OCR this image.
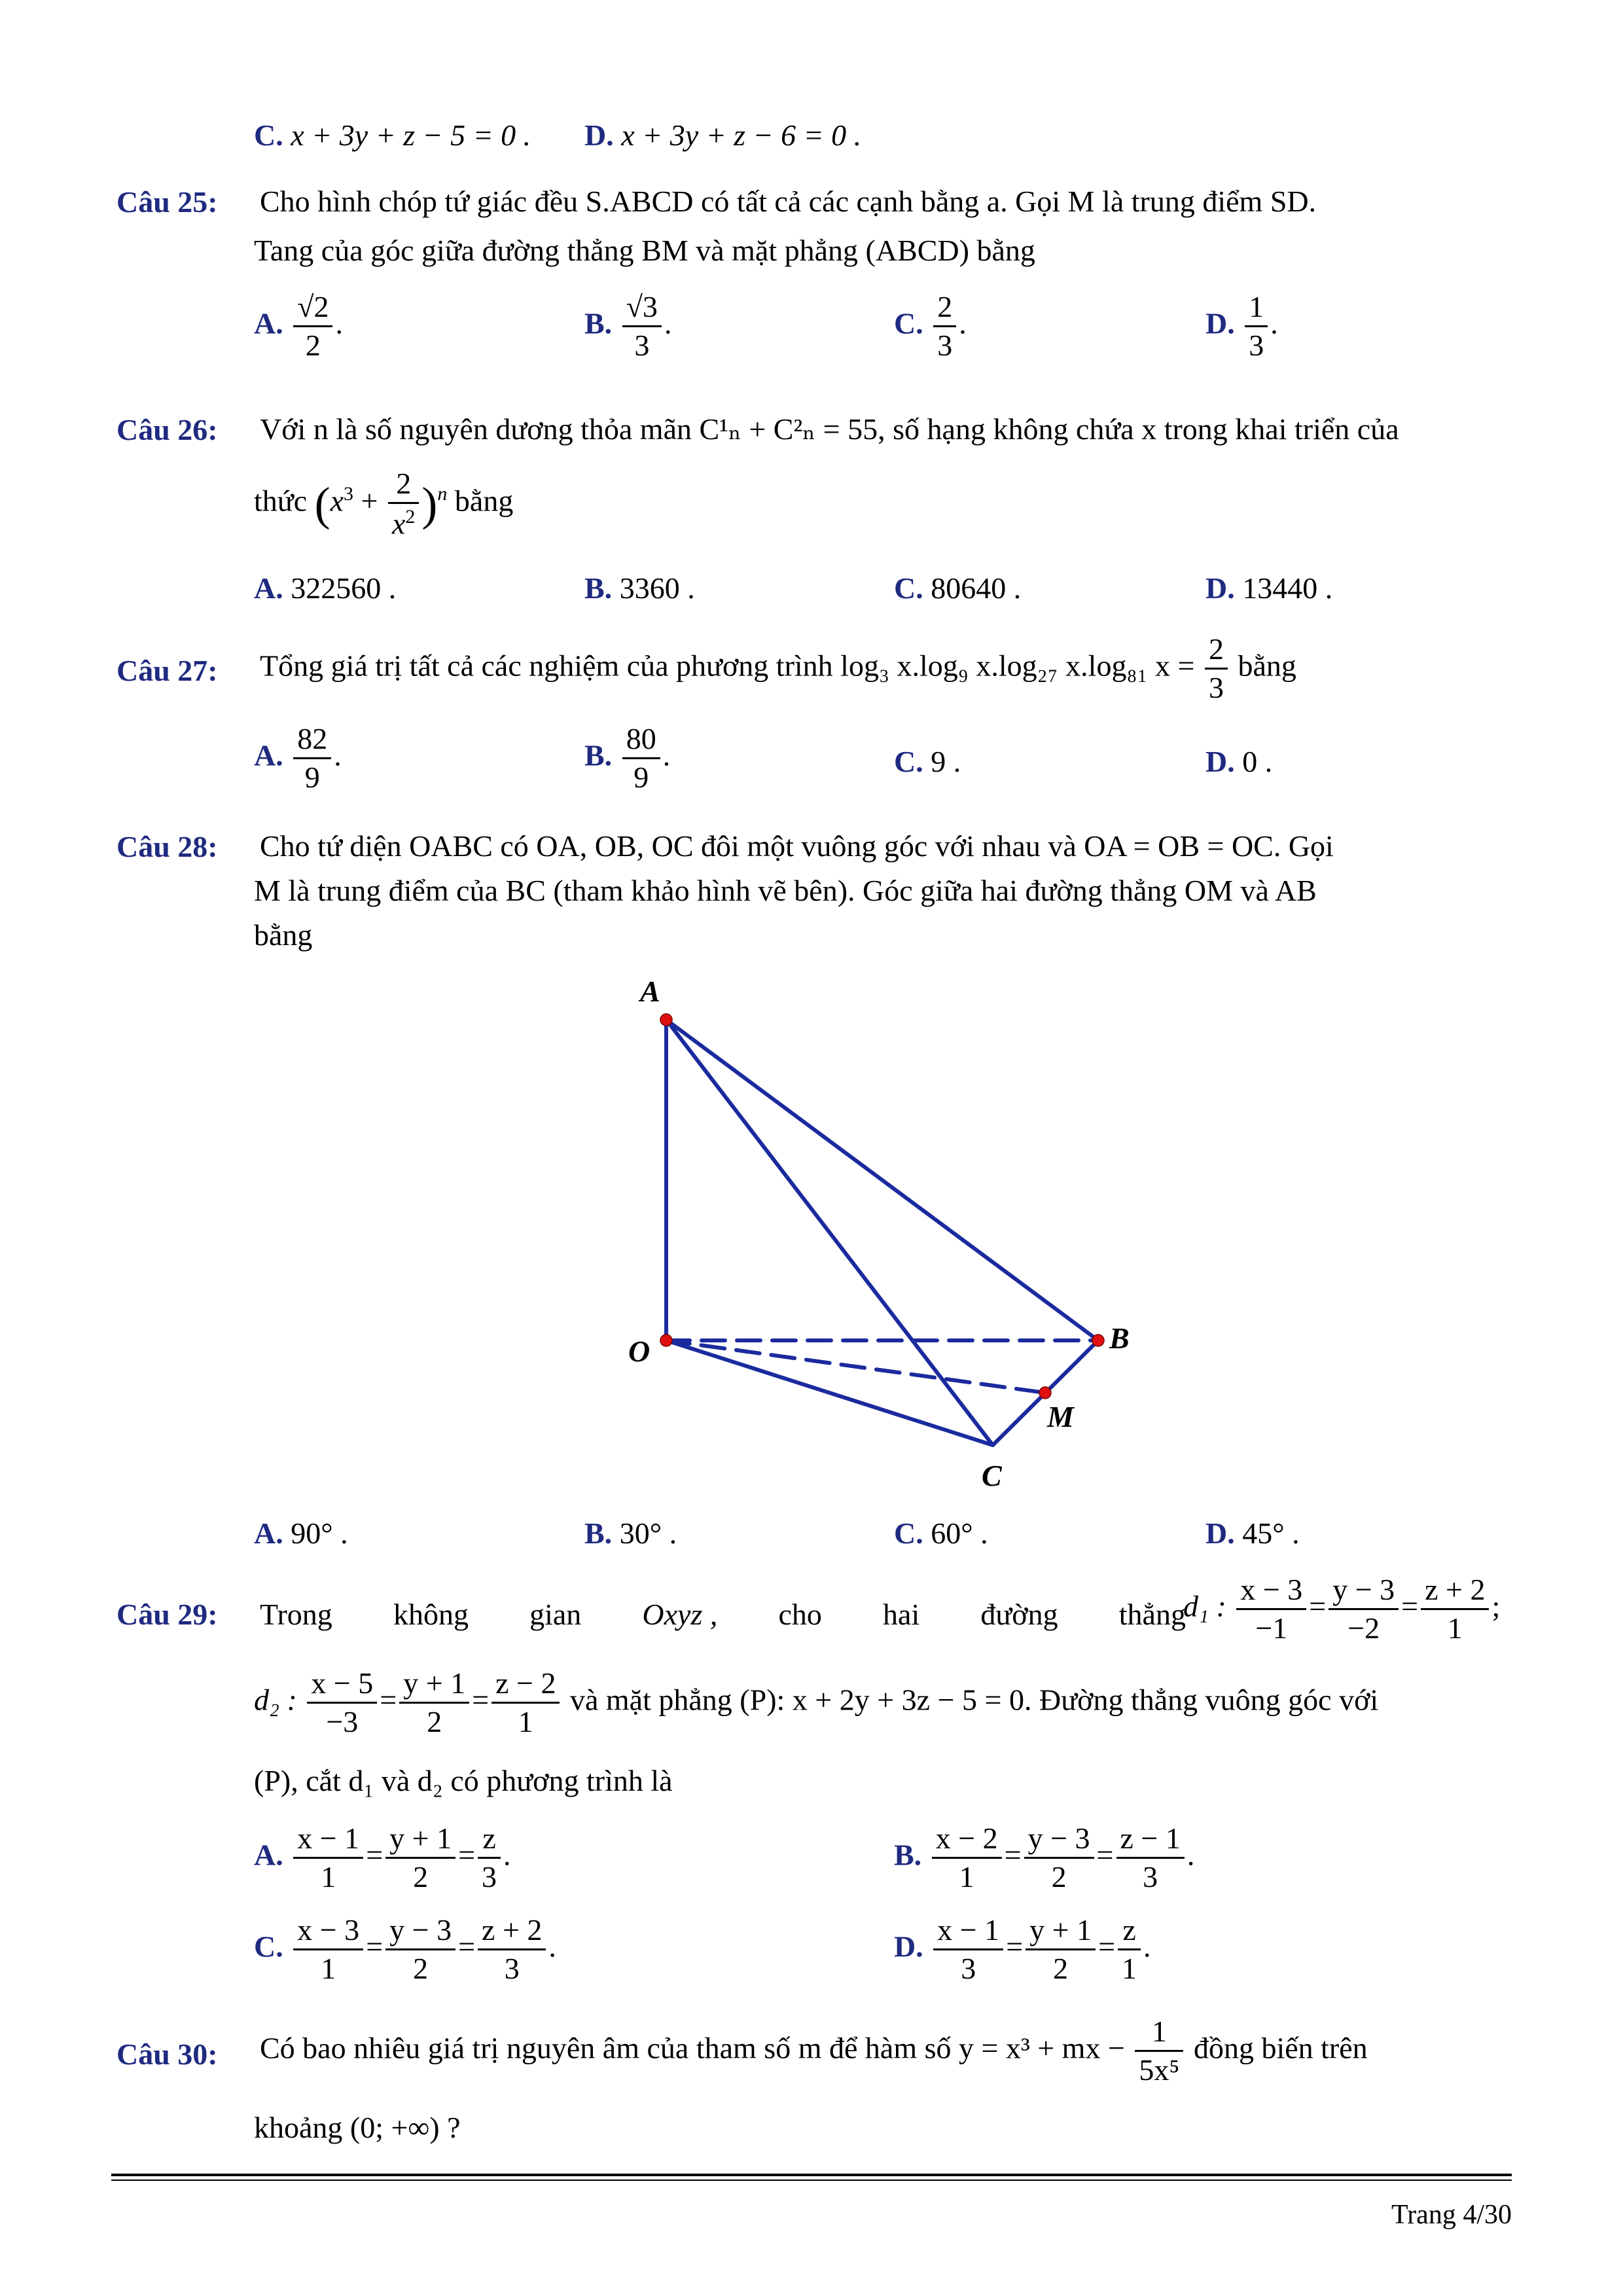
C. x + 3y + z − 5 = 0 . D. x + 3y + z − 6 = 0 .
Câu 25: Cho hình chóp tứ giác đều S.ABCD có tất cả các cạnh bằng a. Gọi M là trung điểm SD.
Tang của góc giữa đường thẳng BM và mặt phẳng (ABCD) bằng
A. $\frac{√2}{2}$ .	B. $\frac{√3}{3}$ .	C. $\frac{2}{3}$ .	D. $\frac{1}{3}$ .
Câu 26: Với n là số nguyên dương thỏa mãn C¹ₙ + C²ₙ = 55, số hạng không chứa x trong khai triển của
thức $(x^3 + \frac{2}{x^2} )^n$ bằng
A. 322560 .	B. 3360 .	C. 80640 .	D. 13440 .
Câu 27: Tổng giá trị tất cả các nghiệm của phương trình log₃ x.log₉ x.log₂₇ x.log₈₁ $x = \frac{2}{3}$ bằng
A. $\frac{82}{9}$ .	B. $\frac{80}{9}$ .	C. 9 .	D. 0 .
Câu 28: Cho tứ diện OABC có OA, OB, OC đôi một vuông góc với nhau và OA = OB = OC. Gọi
M là trung điểm của BC (tham khảo hình vẽ bên). Góc giữa hai đường thẳng OM và AB
bằng
A
O	B
M
C
A. 90° .	B. 30° .	C. 60° .	D. 45° .
Câu 29: Trong không gian Oxyz , cho hai đường thẳng
d₁ : $\frac{x - 3}{-1} = \frac{y - 3}{-2} = \frac{z + 2}{1}$ ;
d₂ : $\frac{x - 5}{-3} = \frac{y + 1}{2} = \frac{z - 2}{1}$ và mặt phẳng (P): x + 2y + 3z − 5 = 0. Đường thẳng vuông góc với
(P), cắt d₁ và d₂ có phương trình là
A. $\frac{x - 1}{1} = \frac{y + 1}{2} = \frac{z}{3}$ .	B. $\frac{x - 2}{1} = \frac{y - 3}{2} = \frac{z - 1}{3}$ .
C. $\frac{x - 3}{1} = \frac{y - 3}{2} = \frac{z + 2}{3}$ .	D. $\frac{x - 1}{3} = \frac{y + 1}{2} = \frac{z}{1}$ .
Câu 30: Có bao nhiêu giá trị nguyên âm của tham số m để hàm số y = x³ + mx − $\frac{1}{\text{5x⁵}}$ đồng biến trên
khoảng (0; +∞) ?
Trang 4/30
